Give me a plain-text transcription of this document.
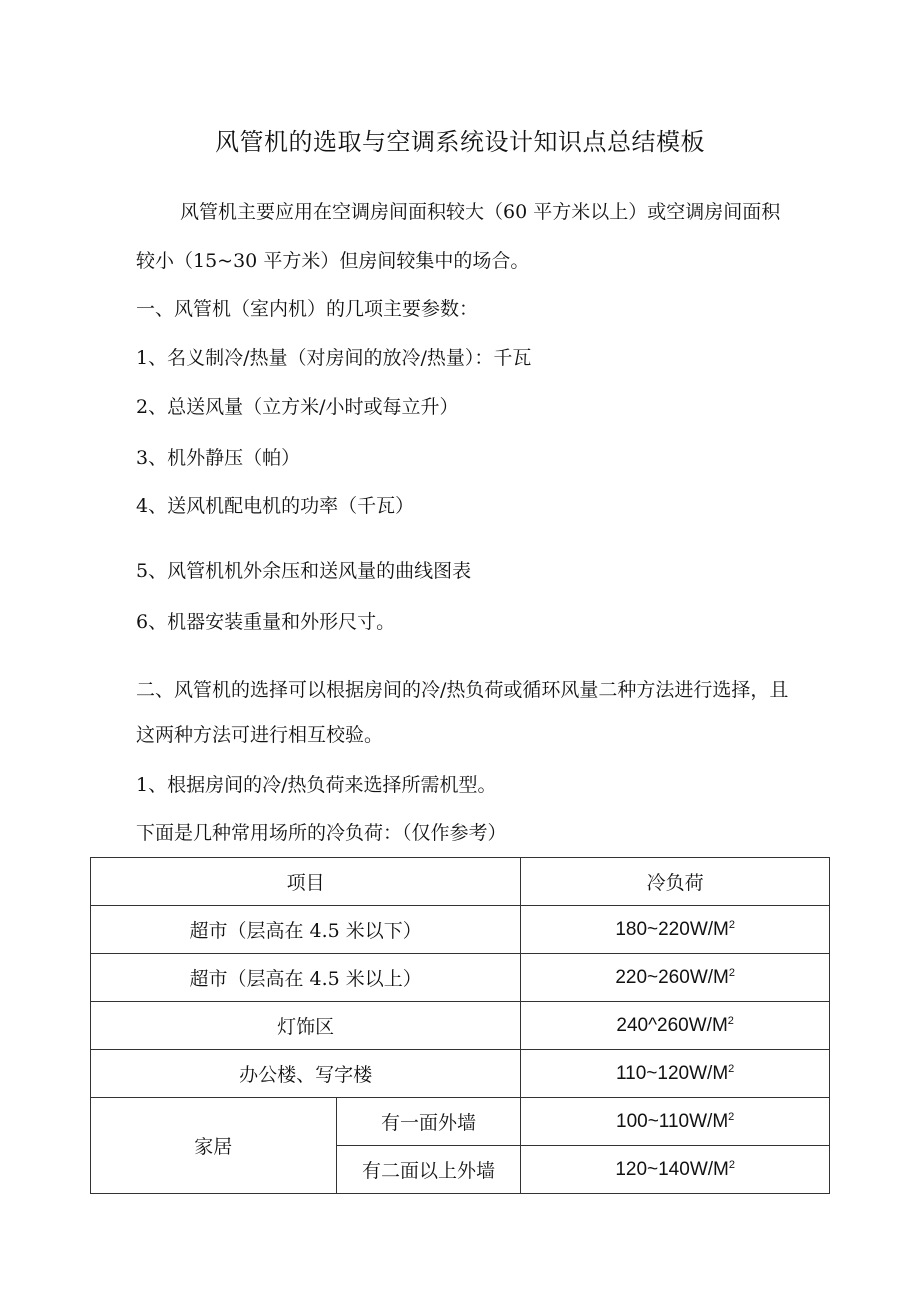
风管机的选取与空调系统设计知识点总结模板
风管机主要应用在空调房间面积较大（60 平方米以上）或空调房间面积
较小（15~30 平方米）但房间较集中的场合。
一、风管机（室内机）的几项主要参数：
1、名义制冷/热量（对房间的放冷/热量）：千瓦
2、总送风量（立方米/小时或每立升）
3、机外静压（帕）
4、送风机配电机的功率（千瓦）
5、风管机机外余压和送风量的曲线图表
6、机器安装重量和外形尺寸。
二、风管机的选择可以根据房间的冷/热负荷或循环风量二种方法进行选择，且
这两种方法可进行相互校验。
1、根据房间的冷/热负荷来选择所需机型。
下面是几种常用场所的冷负荷：（仅作参考）
项目		冷负荷
超市（层高在 4.5 米以下）		$180\sim 220W/M^2$
超市（层高在 4.5 米以上）		$220\sim 260W/M^2$
灯饰区		$240\^{}260W/M^2$
办公楼、写字楼		$110\sim 120W/M^2$
家居	有一面外墙	$100\sim 110W/M^2$
	有二面以上外墙	$120\sim 140W/M^2$
